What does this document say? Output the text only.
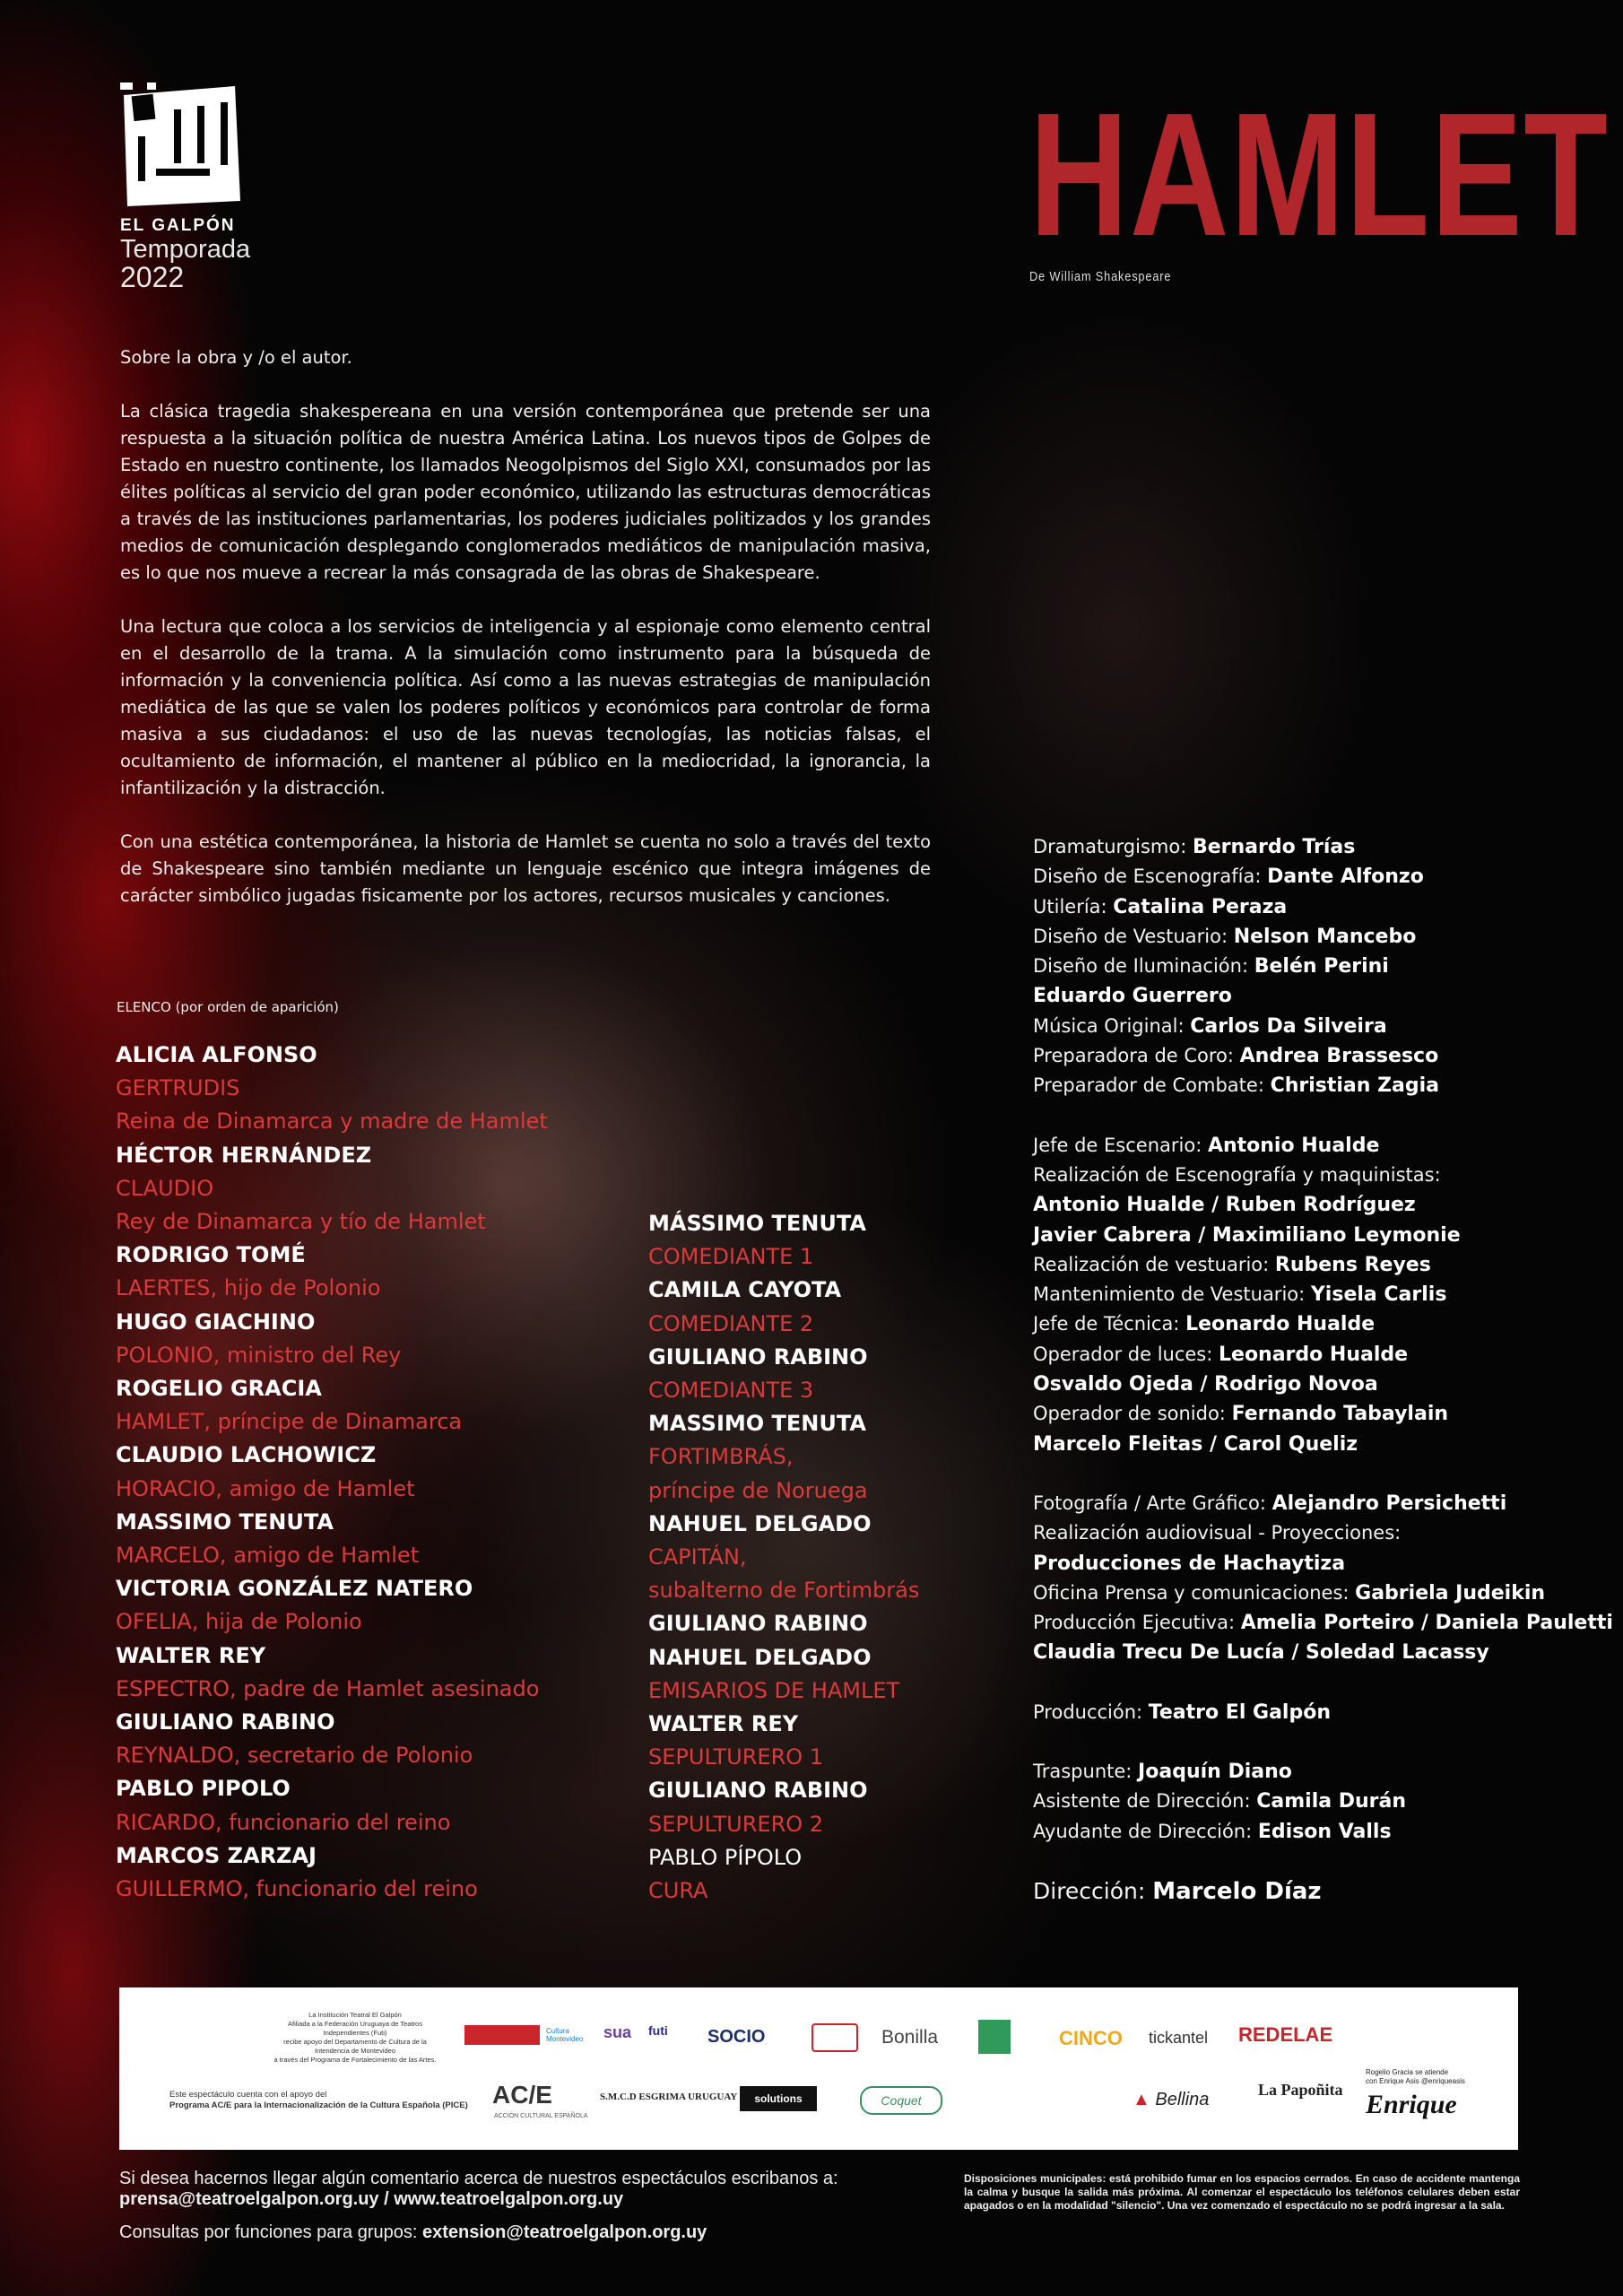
EL GALPÓN
Temporada
2022
HAMLET
De William Shakespeare

Sobre la obra y /o el autor.

La clásica tragedia shakespereana en una versión contemporánea que pretende ser una respuesta a la situación política de nuestra América Latina. Los nuevos tipos de Golpes de Estado en nuestro continente, los llamados Neogolpismos del Siglo XXI, consumados por las élites políticas al servicio del gran poder económico, utilizando las estructuras democráticas a través de las instituciones parlamentarias, los poderes judiciales politizados y los grandes medios de comunicación desplegando conglomerados mediáticos de manipulación masiva, es lo que nos mueve a recrear la más consagrada de las obras de Shakespeare.

Una lectura que coloca a los servicios de inteligencia y al espionaje como elemento central en el desarrollo de la trama. A la simulación como instrumento para la búsqueda de información y la conveniencia política. Así como a las nuevas estrategias de manipulación mediática de las que se valen los poderes políticos y económicos para controlar de forma masiva a sus ciudadanos: el uso de las nuevas tecnologías, las noticias falsas, el ocultamiento de información, el mantener al público en la mediocridad, la ignorancia, la infantilización y la distracción.

Con una estética contemporánea, la historia de Hamlet se cuenta no solo a través del texto de Shakespeare sino también mediante un lenguaje escénico que integra imágenes de carácter simbólico jugadas fisicamente por los actores, recursos musicales y canciones.

ELENCO (por orden de aparición)
ALICIA ALFONSO
GERTRUDIS
Reina de Dinamarca y madre de Hamlet
HÉCTOR HERNÁNDEZ
CLAUDIO
Rey de Dinamarca y tío de Hamlet
RODRIGO TOMÉ
LAERTES, hijo de Polonio
HUGO GIACHINO
POLONIO, ministro del Rey
ROGELIO GRACIA
HAMLET, príncipe de Dinamarca
CLAUDIO LACHOWICZ
HORACIO, amigo de Hamlet
MASSIMO TENUTA
MARCELO, amigo de Hamlet
VICTORIA GONZÁLEZ NATERO
OFELIA, hija de Polonio
WALTER REY
ESPECTRO, padre de Hamlet asesinado
GIULIANO RABINO
REYNALDO, secretario de Polonio
PABLO PIPOLO
RICARDO, funcionario del reino
MARCOS ZARZAJ
GUILLERMO, funcionario del reino
MÁSSIMO TENUTA
COMEDIANTE 1
CAMILA CAYOTA
COMEDIANTE 2
GIULIANO RABINO
COMEDIANTE 3
MASSIMO TENUTA
FORTIMBRÁS,
príncipe de Noruega
NAHUEL DELGADO
CAPITÁN,
subalterno de Fortimbrás
GIULIANO RABINO
NAHUEL DELGADO
EMISARIOS DE HAMLET
WALTER REY
SEPULTURERO 1
GIULIANO RABINO
SEPULTURERO 2
PABLO PÍPOLO
CURA
Dramaturgismo: Bernardo Trías
Diseño de Escenografía: Dante Alfonzo
Utilería: Catalina Peraza
Diseño de Vestuario: Nelson Mancebo
Diseño de Iluminación: Belén Perini
Eduardo Guerrero
Música Original: Carlos Da Silveira
Preparadora de Coro: Andrea Brassesco
Preparador de Combate: Christian Zagia
Jefe de Escenario: Antonio Hualde
Realización de Escenografía y maquinistas:
Antonio Hualde / Ruben Rodríguez
Javier Cabrera / Maximiliano Leymonie
Realización de vestuario: Rubens Reyes
Mantenimiento de Vestuario: Yisela Carlis
Jefe de Técnica: Leonardo Hualde
Operador de luces: Leonardo Hualde
Osvaldo Ojeda / Rodrigo Novoa
Operador de sonido: Fernando Tabaylain
Marcelo Fleitas / Carol Queliz
Fotografía / Arte Gráfico: Alejandro Persichetti
Realización audiovisual - Proyecciones:
Producciones de Hachaytiza
Oficina Prensa y comunicaciones: Gabriela Judeikin
Producción Ejecutiva: Amelia Porteiro / Daniela Pauletti
Claudia Trecu De Lucía / Soledad Lacassy
Producción: Teatro El Galpón
Traspunte: Joaquín Diano
Asistente de Dirección: Camila Durán
Ayudante de Dirección: Edison Valls
Dirección: Marcelo Díaz
La Institución Teatral El Galpón
Afiliada a la Federación Uruguaya de Teatros Independientes (Futi)
recibe apoyo del Departamento de Cultura de la Intendencia de Montevideo
a través del Programa de Fortalecimiento de las Artes.
Cultura Montevideo	sua futi SOCIO	Bonilla	CINCO tickantel REDELAE
Este espectáculo cuenta con el apoyo del
Programa AC/E para la Internacionalización de la Cultura Española (PICE) AC/E
ACCIÓN CULTURAL ESPAÑOLA
S.M.C.D ESGRIMA URUGUAY	solutions	Coquet	▲ Bellina	La Papoñita
Rogelio Gracia se atiende
con Enrique Asis @enriqueasis
Enrique
Si desea hacernos llegar algún comentario acerca de nuestros espectáculos escribanos a:
prensa@teatroelgalpon.org.uy / www.teatroelgalpon.org.uy
Consultas por funciones para grupos: extension@teatroelgalpon.org.uy
Disposiciones municipales: está prohibido fumar en los espacios cerrados. En caso de accidente mantenga la calma y busque la salida más próxima. Al comenzar el espectáculo los teléfonos celulares deben estar apagados o en la modalidad "silencio". Una vez comenzado el espectáculo no se podrá ingresar a la sala.
